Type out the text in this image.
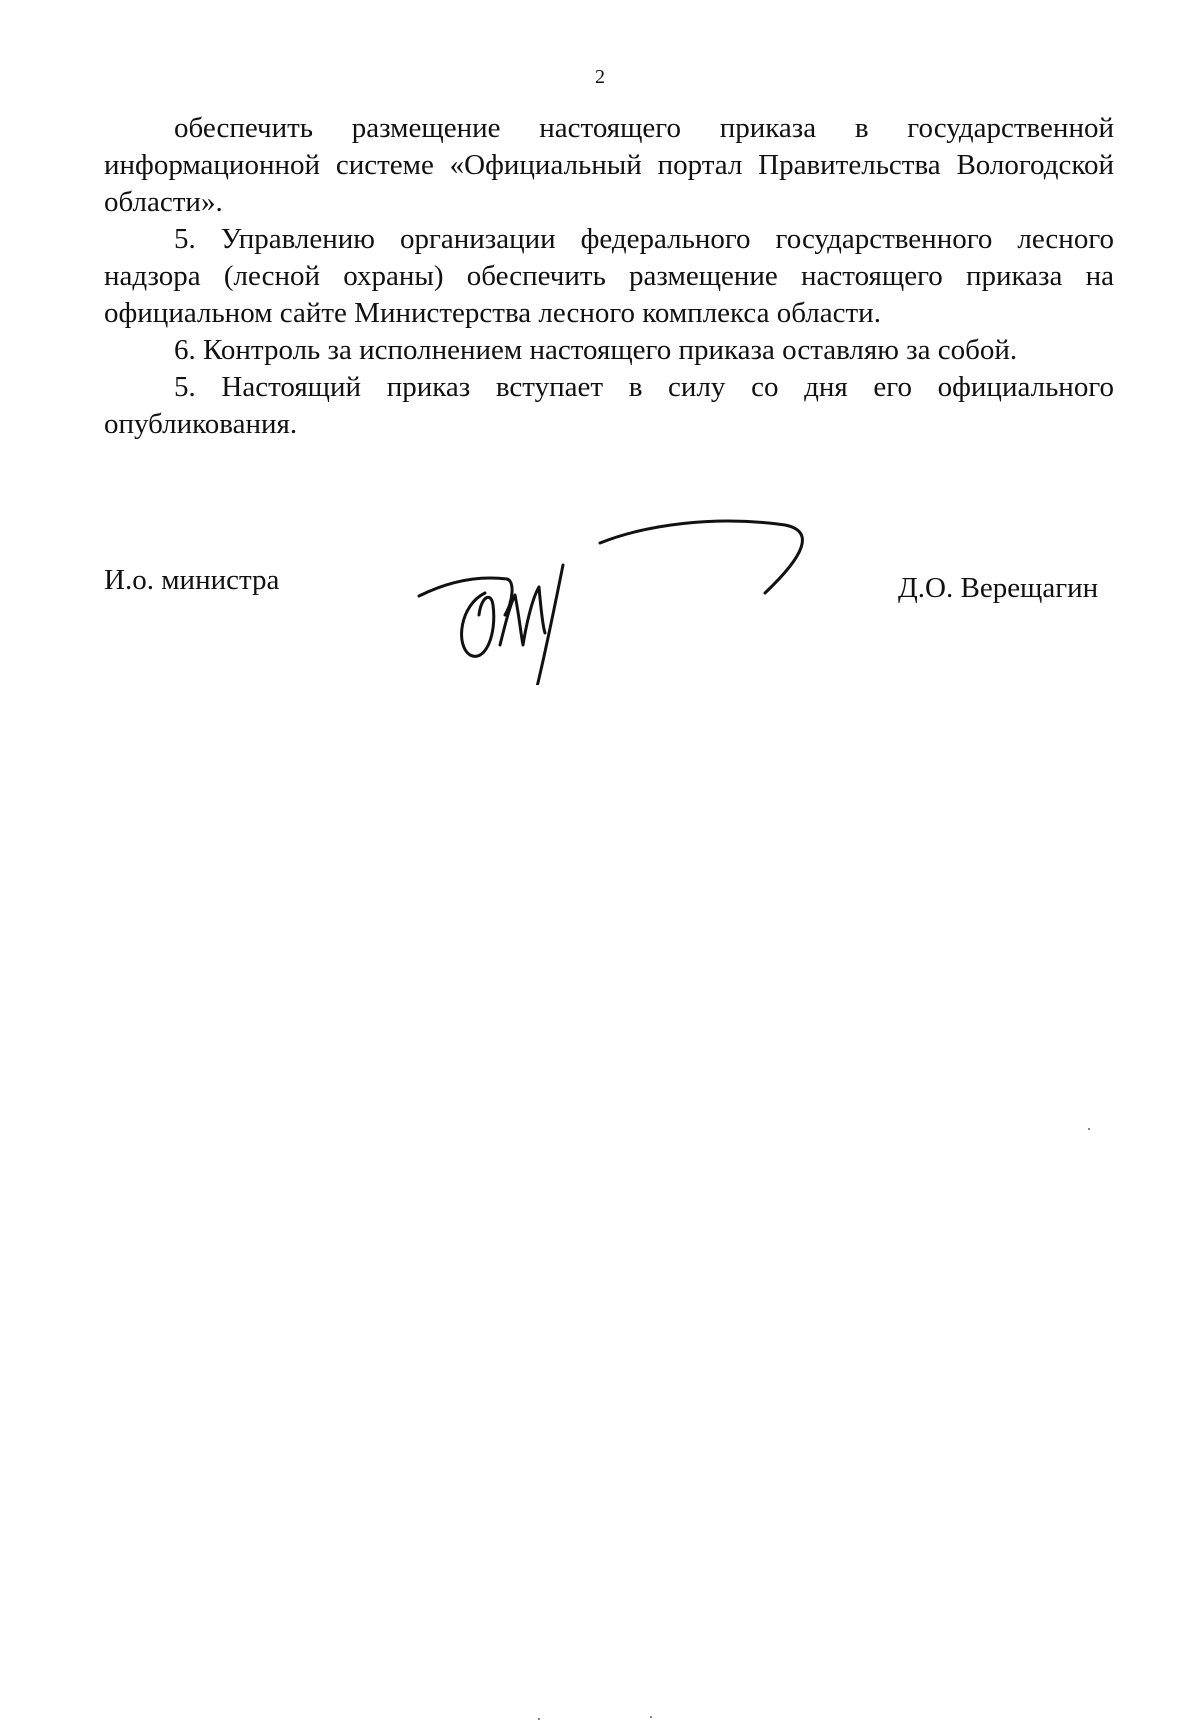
2

обеспечить размещение настоящего приказа в государственной информационной системе «Официальный портал Правительства Вологодской области».

5. Управлению организации федерального государственного лесного надзора (лесной охраны) обеспечить размещение настоящего приказа на официальном сайте Министерства лесного комплекса области.

6. Контроль за исполнением настоящего приказа оставляю за собой.

5. Настоящий приказ вступает в силу со дня его официального опубликования.

И.о. министра	Д.О. Верещагин
